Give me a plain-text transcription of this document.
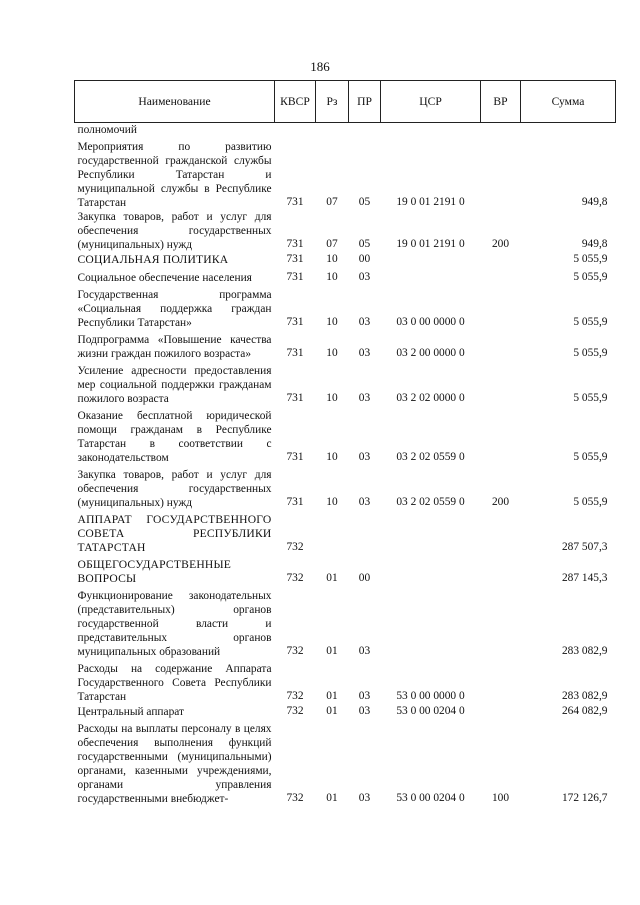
186
Наименование	КВСР	Рз	ПР	ЦСР	ВР	Сумма
полномочий						
Мероприятия по развитию государственной гражданской службы Республики Татарстан и муниципальной службы в Республике Татарстан	731	07	05	19 0 01 2191 0		949,8
Закупка товаров, работ и услуг для обеспечения государственных (муниципальных) нужд	731	07	05	19 0 01 2191 0	200	949,8
СОЦИАЛЬНАЯ ПОЛИТИКА	731	10	00			5 055,9
Социальное обеспечение населения	731	10	03			5 055,9
Государственная программа «Социальная поддержка граждан Республики Татарстан»	731	10	03	03 0 00 0000 0		5 055,9
Подпрограмма «Повышение качества жизни граждан пожилого возраста»	731	10	03	03 2 00 0000 0		5 055,9
Усиление адресности предоставления мер социальной поддержки гражданам пожилого возраста	731	10	03	03 2 02 0000 0		5 055,9
Оказание бесплатной юридической помощи гражданам в Республике Татарстан в соответствии с законодательством	731	10	03	03 2 02 0559 0		5 055,9
Закупка товаров, работ и услуг для обеспечения государственных (муниципальных) нужд	731	10	03	03 2 02 0559 0	200	5 055,9
АППАРАТ ГОСУДАРСТВЕННОГО СОВЕТА РЕСПУБЛИКИ ТАТАРСТАН	732					287 507,3
ОБЩЕГОСУДАРСТВЕННЫЕ ВОПРОСЫ	732	01	00			287 145,3
Функционирование законодательных (представительных) органов государственной власти и представительных органов муниципальных образований	732	01	03			283 082,9
Расходы на содержание Аппарата Государственного Совета Республики Татарстан	732	01	03	53 0 00 0000 0		283 082,9
Центральный аппарат	732	01	03	53 0 00 0204 0		264 082,9
Расходы на выплаты персоналу в целях обеспечения выполнения функций государственными (муниципальными) органами, казенными учреждениями, органами управления государственными внебюджет-	732	01	03	53 0 00 0204 0	100	172 126,7
